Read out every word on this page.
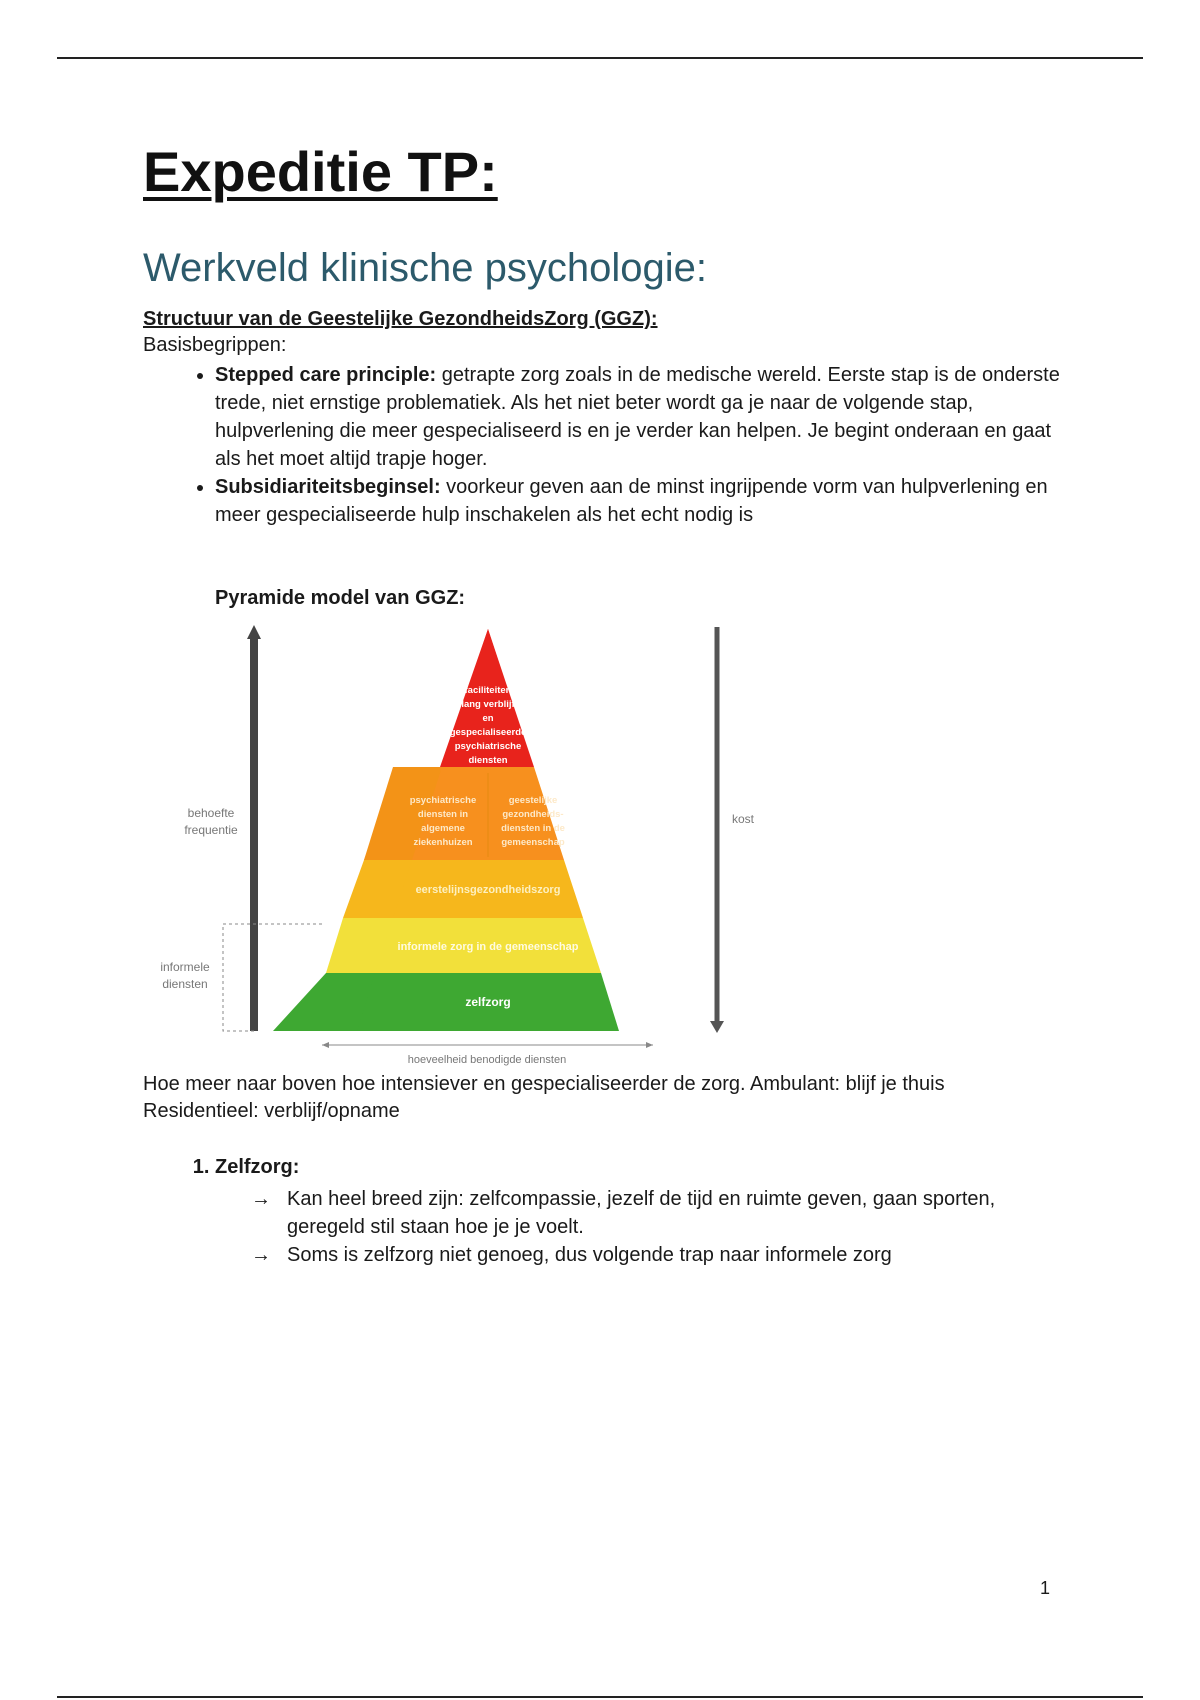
Expeditie TP:
Werkveld klinische psychologie:
Structuur van de Geestelijke GezondheidsZorg (GGZ):
Basisbegrippen:
• Stepped care principle: getrapte zorg zoals in de medische wereld. Eerste stap is de onderste trede, niet ernstige problematiek. Als het niet beter wordt ga je naar de volgende stap, hulpverlening die meer gespecialiseerd is en je verder kan helpen. Je begint onderaan en gaat als het moet altijd trapje hoger.
• Subsidiariteitsbeginsel: voorkeur geven aan de minst ingrijpende vorm van hulpverlening en meer gespecialiseerde hulp inschakelen als het echt nodig is
Pyramide model van GGZ:
faciliteiten
lang verblijf
en
gespecialiseerde
psychiatrische
diensten
psychiatrische
diensten in
algemene
ziekenhuizen
geestelijke
gezondheids-
diensten in de
gemeenschap
eerstelijnsgezondheidszorg
informele zorg in de gemeenschap
zelfzorg
behoefte
frequentie
informele
diensten
kost
hoeveelheid benodigde diensten
Hoe meer naar boven hoe intensiever en gespecialiseerder de zorg. Ambulant: blijf je thuis
Residentieel: verblijf/opname
1. Zelfzorg:
→ Kan heel breed zijn: zelfcompassie, jezelf de tijd en ruimte geven, gaan sporten, geregeld stil staan hoe je je voelt.
→ Soms is zelfzorg niet genoeg, dus volgende trap naar informele zorg
1
